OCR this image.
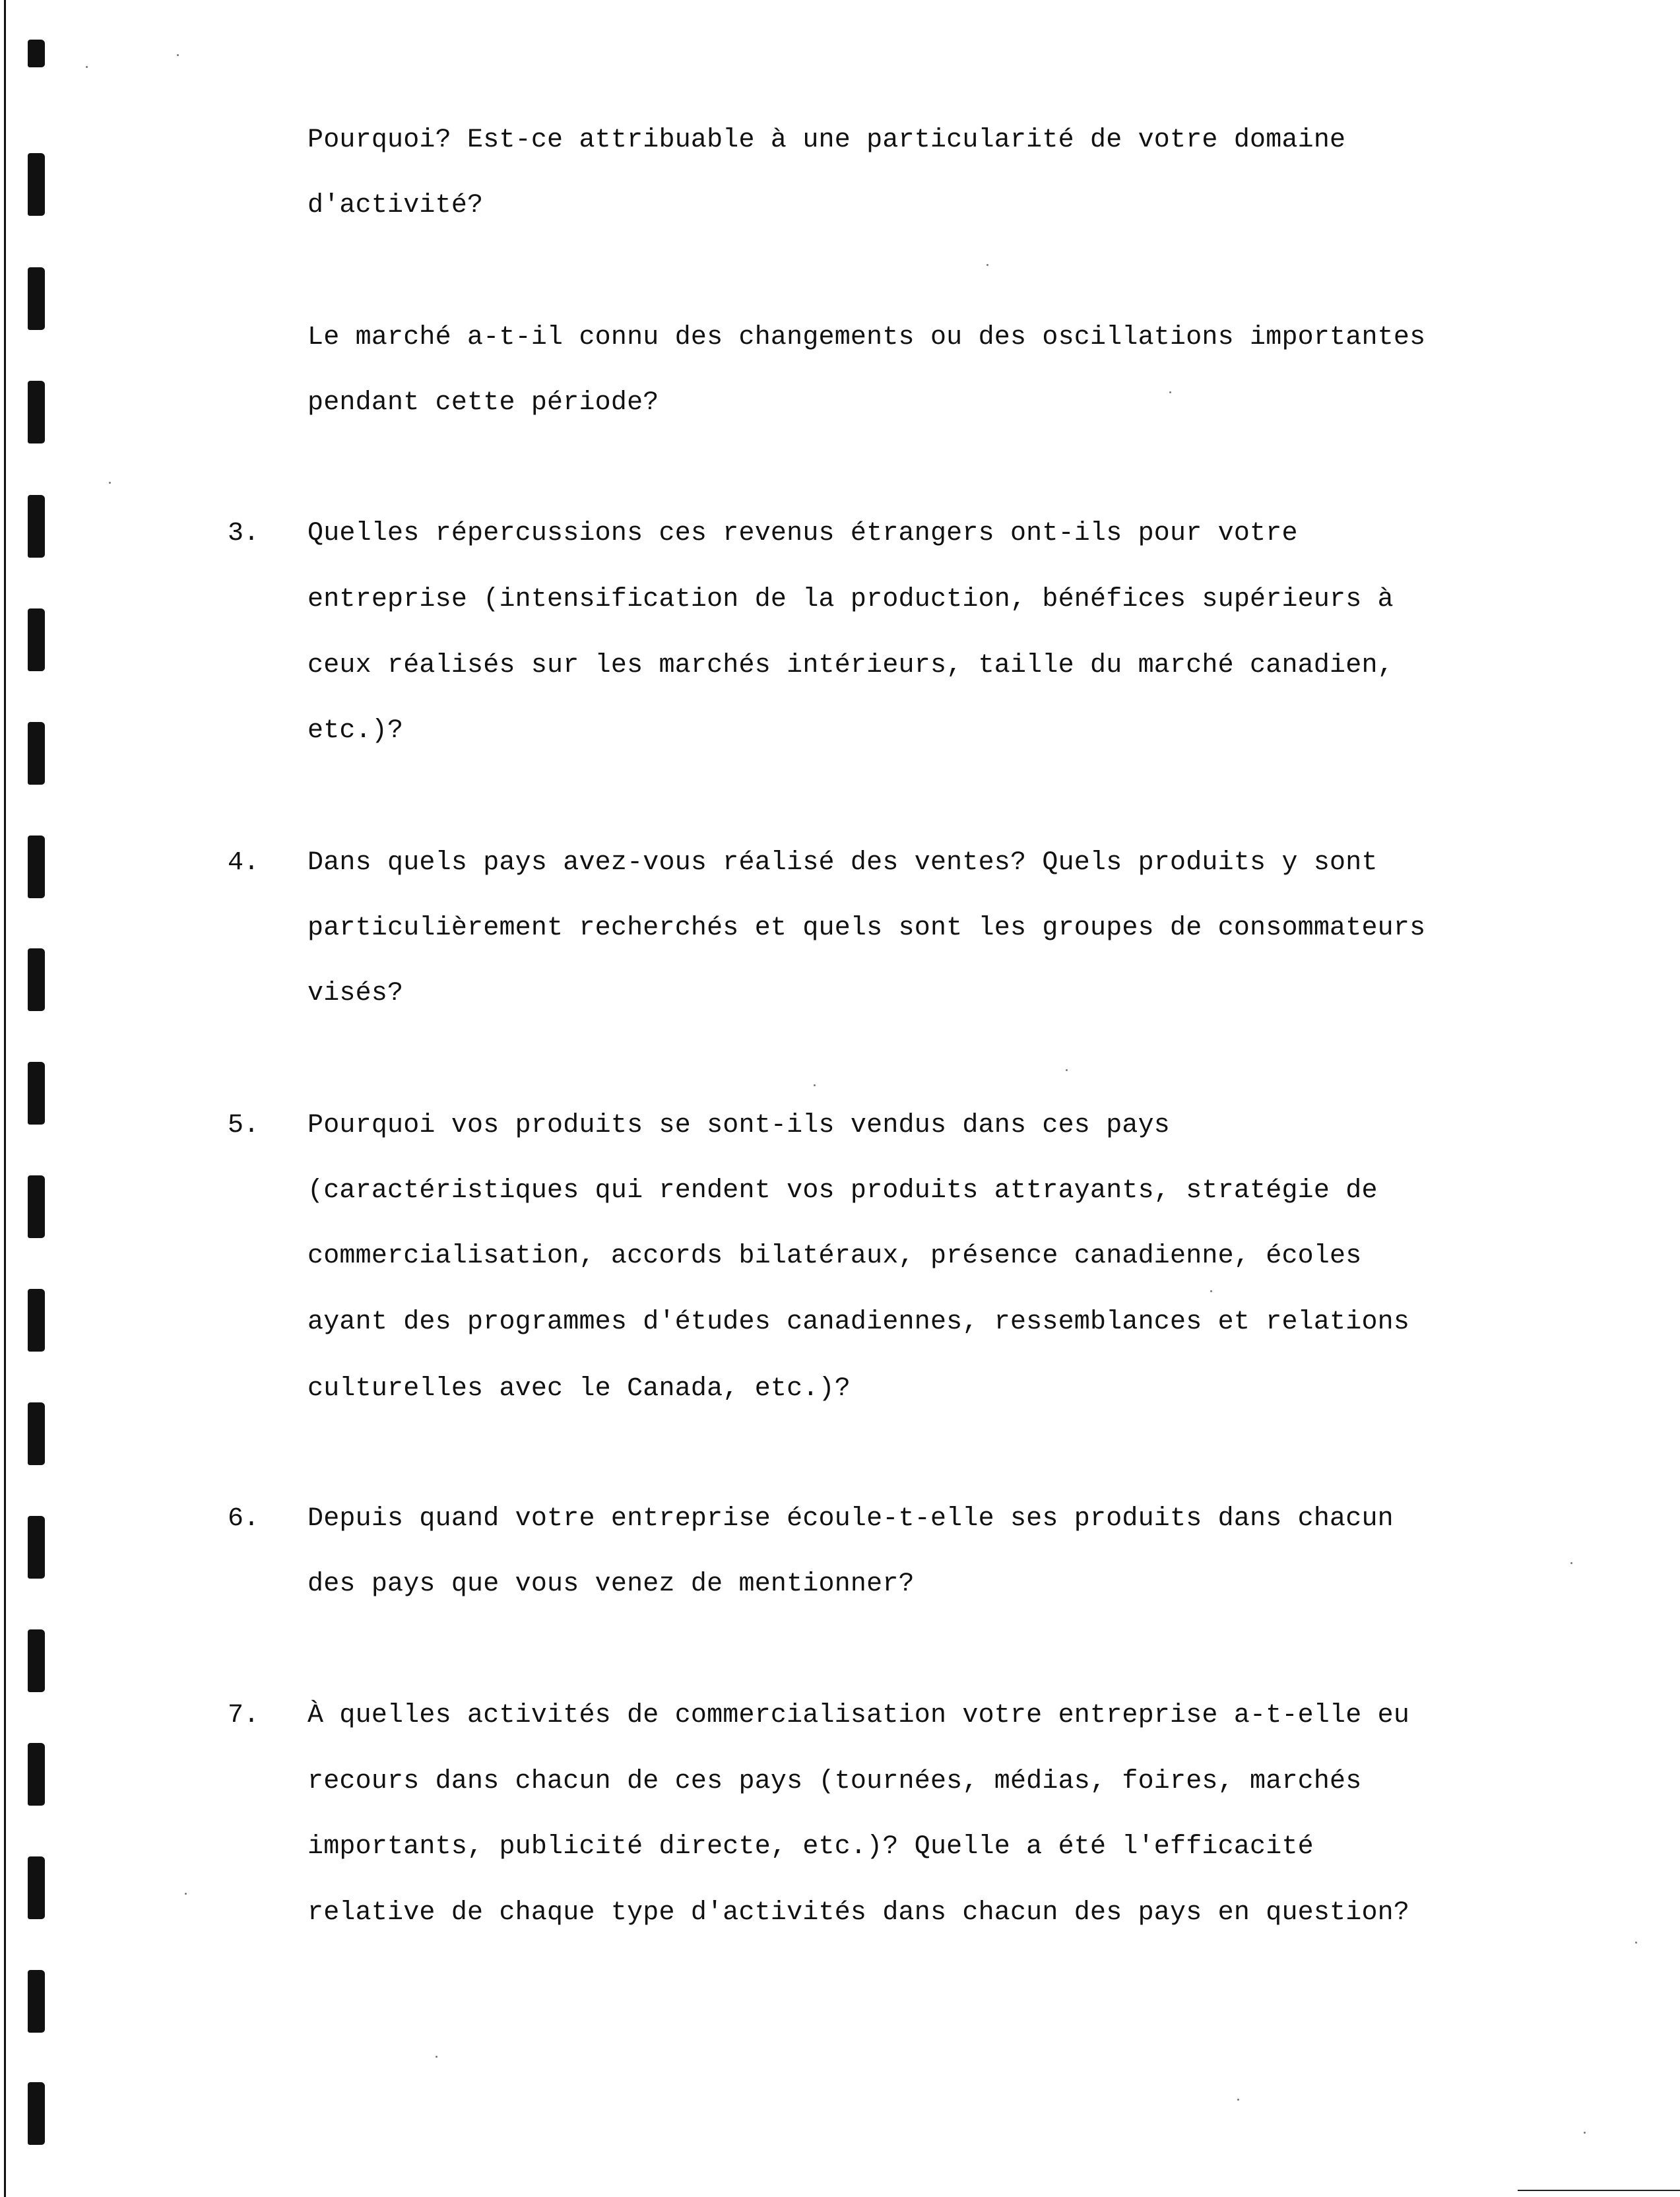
Pourquoi? Est-ce attribuable à une particularité de votre domaine
d'activité?
Le marché a-t-il connu des changements ou des oscillations importantes
pendant cette période?
3. Quelles répercussions ces revenus étrangers ont-ils pour votre
entreprise (intensification de la production, bénéfices supérieurs à
ceux réalisés sur les marchés intérieurs, taille du marché canadien,
etc.)?
4. Dans quels pays avez-vous réalisé des ventes? Quels produits y sont
particulièrement recherchés et quels sont les groupes de consommateurs
visés?
5. Pourquoi vos produits se sont-ils vendus dans ces pays
(caractéristiques qui rendent vos produits attrayants, stratégie de
commercialisation, accords bilatéraux, présence canadienne, écoles
ayant des programmes d'études canadiennes, ressemblances et relations
culturelles avec le Canada, etc.)?
6. Depuis quand votre entreprise écoule-t-elle ses produits dans chacun
des pays que vous venez de mentionner?
7. À quelles activités de commercialisation votre entreprise a-t-elle eu
recours dans chacun de ces pays (tournées, médias, foires, marchés
importants, publicité directe, etc.)? Quelle a été l'efficacité
relative de chaque type d'activités dans chacun des pays en question?
